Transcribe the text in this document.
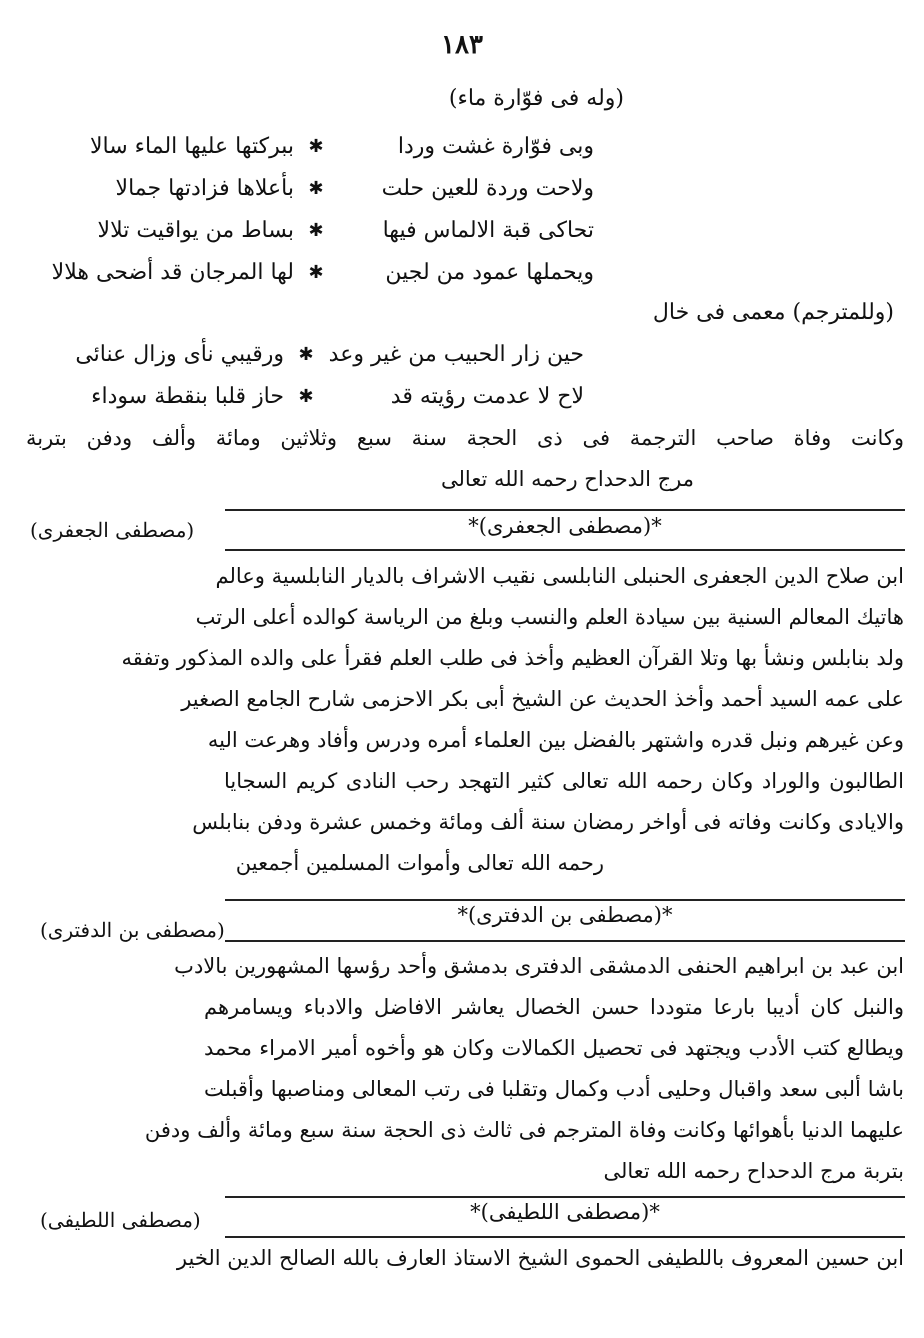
١٨٣
(وله فى فوّارة ماء)
وبى فوّارة غشت وردا
✱
ببركتها عليها الماء سالا
ولاحت وردة للعين حلت
✱
بأعلاها فزادتها جمالا
تحاكى قبة الالماس فيها
✱
بساط من يواقيت تلالا
ويحملها عمود من لجين
✱
لها المرجان قد أضحى هلالا
(وللمترجم) معمى فى خال
حين زار الحبيب من غير وعد
✱
ورقيبي نأى وزال عنائى
لاح لا عدمت رؤيته قد
✱
حاز قلبا بنقطة سوداء
وكانت وفاة صاحب الترجمة فى ذى الحجة سنة سبع وثلاثين ومائة وألف ودفن بتربة
مرج الدحداح رحمه الله تعالى
*(مصطفى الجعفرى)*
(مصطفى الجعفرى)
ابن صلاح الدين الجعفرى الحنبلى النابلسى نقيب الاشراف بالديار النابلسية وعالم
هاتيك المعالم السنية بين سيادة العلم والنسب وبلغ من الرياسة كوالده أعلى الرتب
ولد بنابلس ونشأ بها وتلا القرآن العظيم وأخذ فى طلب العلم فقرأ على والده المذكور وتفقه
على عمه السيد أحمد وأخذ الحديث عن الشيخ أبى بكر الاحزمى شارح الجامع الصغير
وعن غيرهم ونبل قدره واشتهر بالفضل بين العلماء أمره ودرس وأفاد وهرعت اليه
الطالبون والوراد وكان رحمه الله تعالى كثير التهجد رحب النادى كريم السجايا
والايادى وكانت وفاته فى أواخر رمضان سنة ألف ومائة وخمس عشرة ودفن بنابلس
رحمه الله تعالى وأموات المسلمين أجمعين
*(مصطفى بن الدفترى)*
(مصطفى بن الدفترى)
ابن عبد بن ابراهيم الحنفى الدمشقى الدفترى بدمشق وأحد رؤسها المشهورين بالادب
والنبل كان أديبا بارعا متوددا حسن الخصال يعاشر الافاضل والادباء ويسامرهم
ويطالع كتب الأدب ويجتهد فى تحصيل الكمالات وكان هو وأخوه أمير الامراء محمد
باشا ألبى سعد واقبال وحليى أدب وكمال وتقلبا فى رتب المعالى ومناصبها وأقبلت
عليهما الدنيا بأهوائها وكانت وفاة المترجم فى ثالث ذى الحجة سنة سبع ومائة وألف ودفن
بتربة مرج الدحداح رحمه الله تعالى
*(مصطفى اللطيفى)*
(مصطفى اللطيفى)
ابن حسين المعروف باللطيفى الحموى الشيخ الاستاذ العارف بالله الصالح الدين الخير
